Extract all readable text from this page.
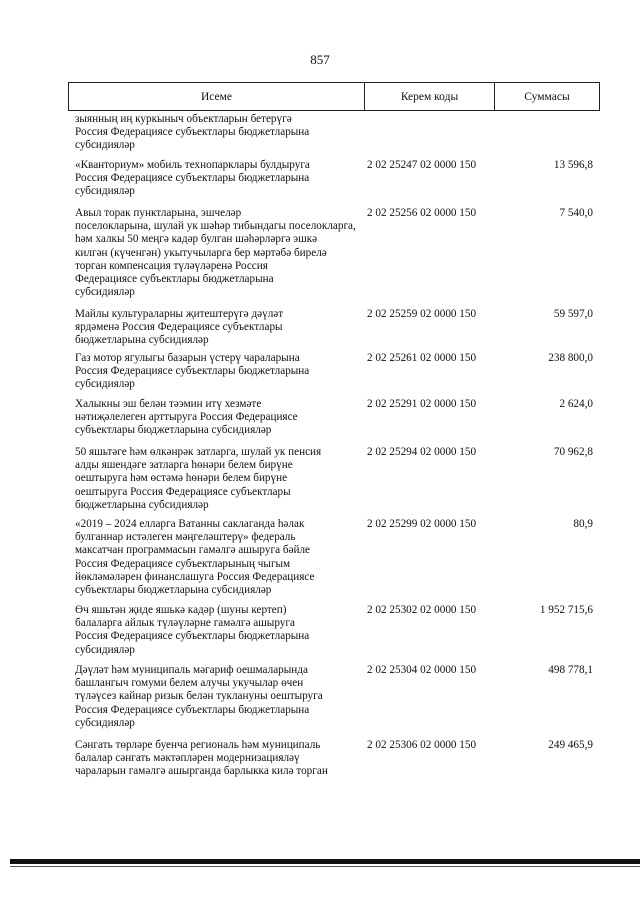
857
Исеме	Керем коды	Суммасы
зыянның иң куркыныч объектларын бетерүгә
Россия Федерациясе субъектлары бюджетларына
субсидияләр
«Кванториум» мобиль технопарклары булдыруга
Россия Федерациясе субъектлары бюджетларына
субсидияләр
2 02 25247 02 0000 150	13 596,8
Авыл торак пунктларына, эшчеләр
поселокларына, шулай ук шәһәр тибындагы поселокларга,
һәм халкы 50 меңгә кадәр булган шәһәрләргә эшкә
килгән (күченгән) укытучыларга бер мәртәбә бирелә
торган компенсация түләүләренә Россия
Федерациясе субъектлары бюджетларына
субсидияләр
2 02 25256 02 0000 150	7 540,0
Майлы культураларны җитештерүгә дәүләт
ярдәменә Россия Федерациясе субъектлары
бюджетларына субсидияләр
2 02 25259 02 0000 150	59 597,0
Газ мотор ягулыгы базарын үстерү чараларына
Россия Федерациясе субъектлары бюджетларына
субсидияләр
2 02 25261 02 0000 150	238 800,0
Халыкны эш белән тәэмин итү хезмәте
нәтиҗәлелеген арттыруга Россия Федерациясе
субъектлары бюджетларына субсидияләр
2 02 25291 02 0000 150	2 624,0
50 яшьтәге һәм өлкәнрәк затларга, шулай ук пенсия
алды яшендәге затларга һөнәри белем бирүне
оештыруга һәм өстәмә һөнәри белем бирүне
оештыруга Россия Федерациясе субъектлары
бюджетларына субсидияләр
2 02 25294 02 0000 150	70 962,8
«2019 – 2024 елларга Ватанны саклаганда һәлак
булганнар истәлеген мәңгеләштерү» федераль
максатчан программасын гамәлгә ашыруга бәйле
Россия Федерациясе субъектларының чыгым
йөкләмәләрен финанслашуга Россия Федерациясе
субъектлары бюджетларына субсидияләр
2 02 25299 02 0000 150	80,9
Өч яшьтән җиде яшькә кадәр (шуны кертеп)
балаларга айлык түләүләрне гамәлгә ашыруга
Россия Федерациясе субъектлары бюджетларына
субсидияләр
2 02 25302 02 0000 150	1 952 715,6
Дәүләт һәм муниципаль мәгариф оешмаларында
башлангыч гомуми белем алучы укучылар өчен
түләүсез кайнар ризык белән туклануны оештыруга
Россия Федерациясе субъектлары бюджетларына
субсидияләр
2 02 25304 02 0000 150	498 778,1
Сәнгать төрләре буенча региональ һәм муниципаль
балалар сәнгать мәктәпләрен модернизацияләү
чараларын гамәлгә ашырганда барлыкка килә торган
2 02 25306 02 0000 150	249 465,9
